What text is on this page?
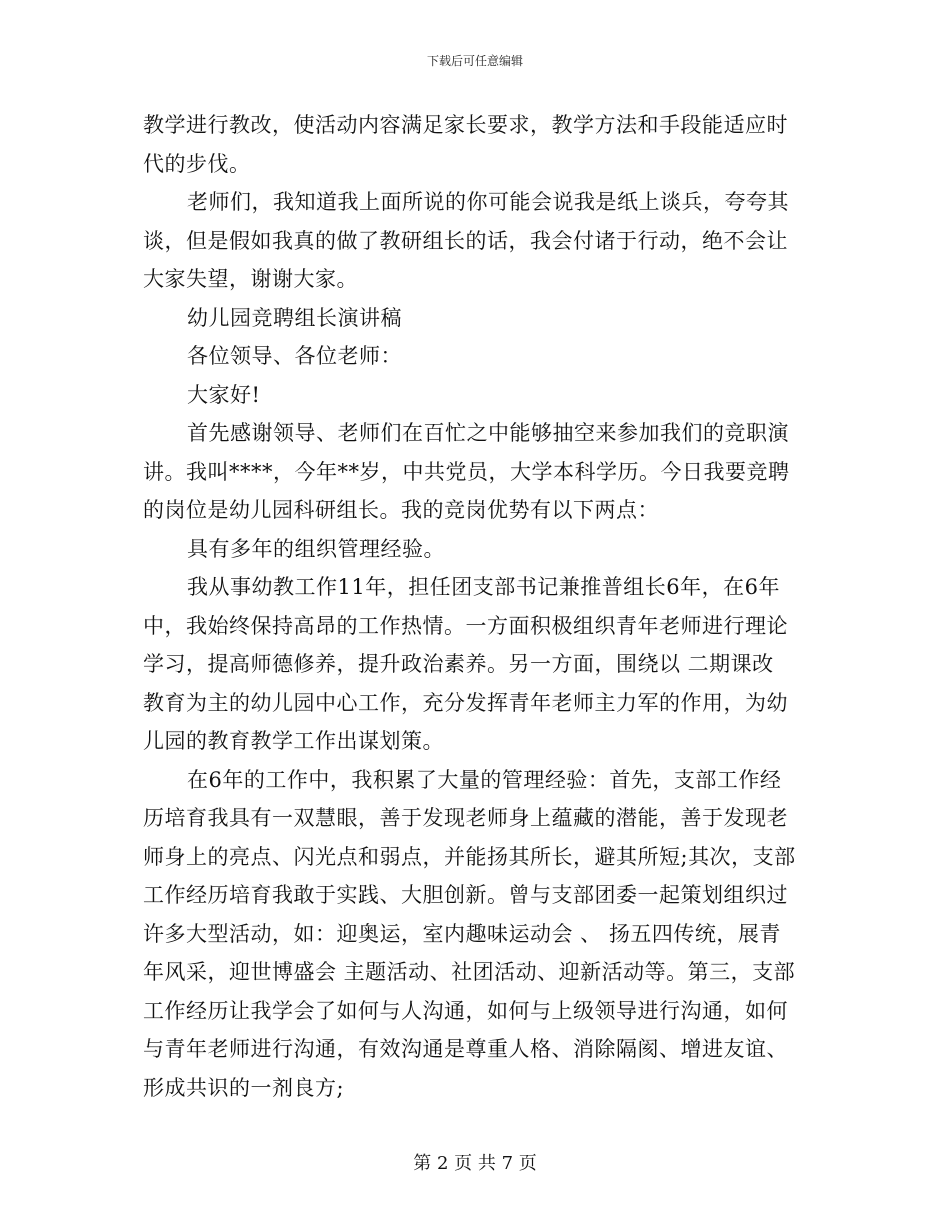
下载后可任意编辑
教学进行教改，使活动内容满足家长要求，教学方法和手段能适应时
代的步伐。
老师们，我知道我上面所说的你可能会说我是纸上谈兵，夸夸其
谈，但是假如我真的做了教研组长的话，我会付诸于行动，绝不会让
大家失望，谢谢大家。
幼儿园竞聘组长演讲稿
各位领导、各位老师：
大家好!
首先感谢领导、老师们在百忙之中能够抽空来参加我们的竞职演
讲。我叫****，今年**岁，中共党员，大学本科学历。今日我要竞聘
的岗位是幼儿园科研组长。我的竞岗优势有以下两点：
具有多年的组织管理经验。
我从事幼教工作11年，担任团支部书记兼推普组长6年，在6年
中，我始终保持高昂的工作热情。一方面积极组织青年老师进行理论
学习，提高师德修养，提升政治素养。另一方面，围绕以 二期课改
教育为主的幼儿园中心工作，充分发挥青年老师主力军的作用，为幼
儿园的教育教学工作出谋划策。
在6年的工作中，我积累了大量的管理经验：首先，支部工作经
历培育我具有一双慧眼，善于发现老师身上蕴藏的潜能，善于发现老
师身上的亮点、闪光点和弱点，并能扬其所长，避其所短;其次，支部
工作经历培育我敢于实践、大胆创新。曾与支部团委一起策划组织过
许多大型活动，如：迎奥运，室内趣味运动会 、 扬五四传统，展青
年风采，迎世博盛会 主题活动、社团活动、迎新活动等。第三，支部
工作经历让我学会了如何与人沟通，如何与上级领导进行沟通，如何
与青年老师进行沟通，有效沟通是尊重人格、消除隔阂、增进友谊、
形成共识的一剂良方;
第 2 页 共 7 页
